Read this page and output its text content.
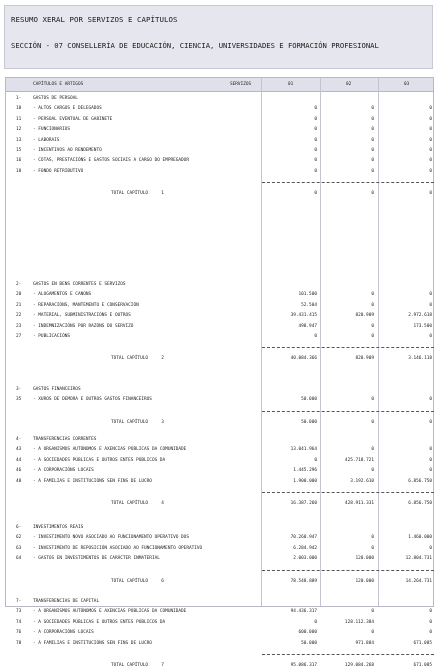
RESUMO XERAL POR SERVIZOS E CAPÍTULOS
SECCIÓN - 07 CONSELLERÍA DE EDUCACIÓN, CIENCIA, UNIVERSIDADES E FORMACIÓN PROFESIONAL
CAPÍTULOS E ARTIGOS	SERVIZOS	01	02	03
1-	GASTOS DE PERSOAL
10	- ALTOS CARGOS E DELEGADOS	0	0	0
11	- PERSOAL EVENTUAL DE GABINETE	0	0	0
12	- FUNCIONARIOS	0	0	0
13	- LABORAIS	0	0	0
15	- INCENTIVOS AO RENDEMENTO	0	0	0
16	- COTAS, PRESTACIÓNS E GASTOS SOCIAIS A CARGO DO EMPREGADOR	0	0	0
18	- FONDO RETRIBUTIVO	0	0	0
TOTAL CAPÍTULO     1	0	0	0
2-	GASTOS EN BENS CORRENTES E SERVIZOS
20	- ALUGAMENTOS E CANONS	101.500	0	0
21	- REPARACIÓNS, MANTEMENTO E CONSERVACIÓN	52.504	0	0
22	- MATERIAL, SUBMINISTRACIÓNS E OUTROS	39.431.415	820.909	2.972.618
23	- INDEMNIZACIÓNS POR RAZÓNS DO SERVIZO	498.947	0	173.500
27	- PUBLICACIÓNS	0	0	0
TOTAL CAPÍTULO     2	40.084.366	820.909	3.146.118
3-	GASTOS FINANCEIROS
35	- XUROS DE DEMORA E OUTROS GASTOS FINANCEIROS	50.000	0	0
TOTAL CAPÍTULO     3	50.000	0	0
4-	TRANSFERENCIAS CORRENTES
43	- A ORGANISMOS AUTÓNOMOS E AXENCIAS PÚBLICAS DA COMUNIDADE	13.041.964	0	0
44	- A SOCIEDADES PÚBLICAS E OUTROS ENTES PÚBLICOS DA	0	425.718.721	0
46	- A CORPORACIÓNS LOCAIS	1.445.296	0	0
48	- A FAMILIAS E INSTITUCIÓNS SEN FINS DE LUCRO	1.900.000	3.192.610	6.856.750
TOTAL CAPÍTULO     4	16.387.260	428.911.331	6.856.750
6-	INVESTIMENTOS REAIS
62	- INVESTIMENTO NOVO ASOCIADO AO FUNCIONAMENTO OPERATIVO DOS	70.260.947	0	1.460.000
63	- INVESTIMENTO DE REPOSICIÓN ASOCIADO AO FUNCIONAMENTO OPERATIVO	6.284.942	0	0
64	- GASTOS EN INVESTIMENTOS DE CARÁCTER INMATERIAL	2.003.000	120.000	12.804.731
TOTAL CAPÍTULO     6	78.548.889	120.000	14.264.731
7-	TRANSFERENCIAS DE CAPITAL
73	- A ORGANISMOS AUTÓNOMOS E AXENCIAS PÚBLICAS DA COMUNIDADE	94.436.317	0	0
74	- A SOCIEDADES PÚBLICAS E OUTROS ENTES PÚBLICOS DA	0	128.112.384	0
76	- A CORPORACIÓNS LOCAIS	600.000	0	0
78	- A FAMILIAS E INSTITUCIÓNS SEN FINS DE LUCRO	50.000	971.884	671.085
TOTAL CAPÍTULO     7	95.086.317	129.084.268	671.085
